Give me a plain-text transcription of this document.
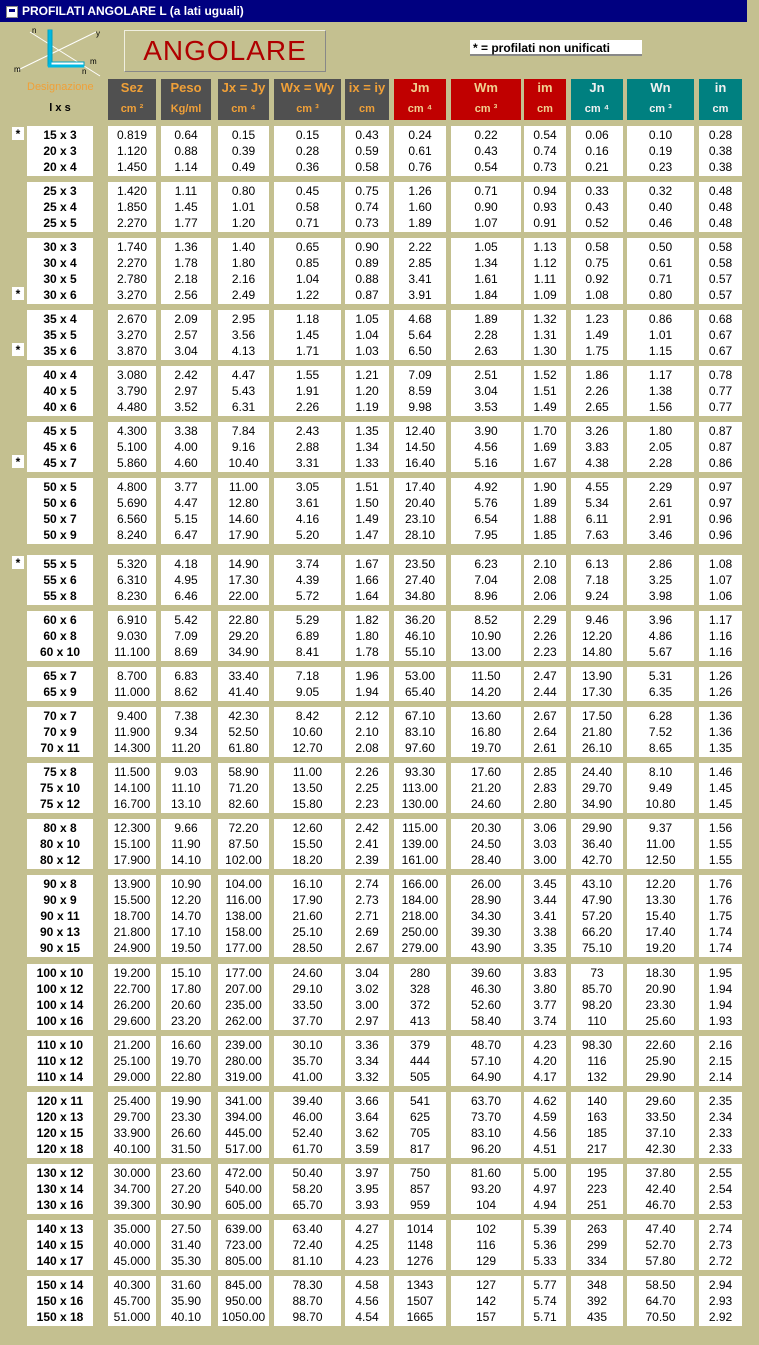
PROFILATI ANGOLARE L (a lati uguali)
n	y
m
m
n
ANGOLARE	* = profilati non unificati
Designazione
l x s
Sez
cm ²
Peso
Kg/ml
Jx = Jy
cm ⁴
Wx = Wy
cm ³
ix = iy
cm
Jm
cm ⁴
Wm
cm ³
im
cm
Jn
cm ⁴
Wn
cm ³
in
cm
15 x 3
20 x 3
20 x 4
0.819
1.120
1.450
0.64
0.88
1.14
0.15
0.39
0.49
0.15
0.28
0.36
0.43
0.59
0.58
0.24
0.61
0.76
0.22
0.43
0.54
0.54
0.74
0.73
0.06
0.16
0.21
0.10
0.19
0.23
0.28
0.38
0.38
*
25 x 3
25 x 4
25 x 5
1.420
1.850
2.270
1.11
1.45
1.77
0.80
1.01
1.20
0.45
0.58
0.71
0.75
0.74
0.73
1.26
1.60
1.89
0.71
0.90
1.07
0.94
0.93
0.91
0.33
0.43
0.52
0.32
0.40
0.46
0.48
0.48
0.48
30 x 3
30 x 4
30 x 5
30 x 6
1.740
2.270
2.780
3.270
1.36
1.78
2.18
2.56
1.40
1.80
2.16
2.49
0.65
0.85
1.04
1.22
0.90
0.89
0.88
0.87
2.22
2.85
3.41
3.91
1.05
1.34
1.61
1.84
1.13
1.12
1.11
1.09
0.58
0.75
0.92
1.08
0.50
0.61
0.71
0.80
0.58
0.58
0.57
0.57
*
35 x 4
35 x 5
35 x 6
2.670
3.270
3.870
2.09
2.57
3.04
2.95
3.56
4.13
1.18
1.45
1.71
1.05
1.04
1.03
4.68
5.64
6.50
1.89
2.28
2.63
1.32
1.31
1.30
1.23
1.49
1.75
0.86
1.01
1.15
0.68
0.67
0.67
*
40 x 4
40 x 5
40 x 6
3.080
3.790
4.480
2.42
2.97
3.52
4.47
5.43
6.31
1.55
1.91
2.26
1.21
1.20
1.19
7.09
8.59
9.98
2.51
3.04
3.53
1.52
1.51
1.49
1.86
2.26
2.65
1.17
1.38
1.56
0.78
0.77
0.77
45 x 5
45 x 6
45 x 7
4.300
5.100
5.860
3.38
4.00
4.60
7.84
9.16
10.40
2.43
2.88
3.31
1.35
1.34
1.33
12.40
14.50
16.40
3.90
4.56
5.16
1.70
1.69
1.67
3.26
3.83
4.38
1.80
2.05
2.28
0.87
0.87
0.86
*
50 x 5
50 x 6
50 x 7
50 x 9
4.800
5.690
6.560
8.240
3.77
4.47
5.15
6.47
11.00
12.80
14.60
17.90
3.05
3.61
4.16
5.20
1.51
1.50
1.49
1.47
17.40
20.40
23.10
28.10
4.92
5.76
6.54
7.95
1.90
1.89
1.88
1.85
4.55
5.34
6.11
7.63
2.29
2.61
2.91
3.46
0.97
0.97
0.96
0.96
55 x 5
55 x 6
55 x 8
5.320
6.310
8.230
4.18
4.95
6.46
14.90
17.30
22.00
3.74
4.39
5.72
1.67
1.66
1.64
23.50
27.40
34.80
6.23
7.04
8.96
2.10
2.08
2.06
6.13
7.18
9.24
2.86
3.25
3.98
1.08
1.07
1.06
*
60 x 6
60 x 8
60 x 10
6.910
9.030
11.100
5.42
7.09
8.69
22.80
29.20
34.90
5.29
6.89
8.41
1.82
1.80
1.78
36.20
46.10
55.10
8.52
10.90
13.00
2.29
2.26
2.23
9.46
12.20
14.80
3.96
4.86
5.67
1.17
1.16
1.16
65 x 7
65 x 9
8.700
11.000
6.83
8.62
33.40
41.40
7.18
9.05
1.96
1.94
53.00
65.40
11.50
14.20
2.47
2.44
13.90
17.30
5.31
6.35
1.26
1.26
70 x 7
70 x 9
70 x 11
9.400
11.900
14.300
7.38
9.34
11.20
42.30
52.50
61.80
8.42
10.60
12.70
2.12
2.10
2.08
67.10
83.10
97.60
13.60
16.80
19.70
2.67
2.64
2.61
17.50
21.80
26.10
6.28
7.52
8.65
1.36
1.36
1.35
75 x 8
75 x 10
75 x 12
11.500
14.100
16.700
9.03
11.10
13.10
58.90
71.20
82.60
11.00
13.50
15.80
2.26
2.25
2.23
93.30
113.00
130.00
17.60
21.20
24.60
2.85
2.83
2.80
24.40
29.70
34.90
8.10
9.49
10.80
1.46
1.45
1.45
80 x 8
80 x 10
80 x 12
12.300
15.100
17.900
9.66
11.90
14.10
72.20
87.50
102.00
12.60
15.50
18.20
2.42
2.41
2.39
115.00
139.00
161.00
20.30
24.50
28.40
3.06
3.03
3.00
29.90
36.40
42.70
9.37
11.00
12.50
1.56
1.55
1.55
90 x 8
90 x 9
90 x 11
90 x 13
90 x 15
13.900
15.500
18.700
21.800
24.900
10.90
12.20
14.70
17.10
19.50
104.00
116.00
138.00
158.00
177.00
16.10
17.90
21.60
25.10
28.50
2.74
2.73
2.71
2.69
2.67
166.00
184.00
218.00
250.00
279.00
26.00
28.90
34.30
39.30
43.90
3.45
3.44
3.41
3.38
3.35
43.10
47.90
57.20
66.20
75.10
12.20
13.30
15.40
17.40
19.20
1.76
1.76
1.75
1.74
1.74
100 x 10
100 x 12
100 x 14
100 x 16
19.200
22.700
26.200
29.600
15.10
17.80
20.60
23.20
177.00
207.00
235.00
262.00
24.60
29.10
33.50
37.70
3.04
3.02
3.00
2.97
280
328
372
413
39.60
46.30
52.60
58.40
3.83
3.80
3.77
3.74
73
85.70
98.20
110
18.30
20.90
23.30
25.60
1.95
1.94
1.94
1.93
110 x 10
110 x 12
110 x 14
21.200
25.100
29.000
16.60
19.70
22.80
239.00
280.00
319.00
30.10
35.70
41.00
3.36
3.34
3.32
379
444
505
48.70
57.10
64.90
4.23
4.20
4.17
98.30
116
132
22.60
25.90
29.90
2.16
2.15
2.14
120 x 11
120 x 13
120 x 15
120 x 18
25.400
29.700
33.900
40.100
19.90
23.30
26.60
31.50
341.00
394.00
445.00
517.00
39.40
46.00
52.40
61.70
3.66
3.64
3.62
3.59
541
625
705
817
63.70
73.70
83.10
96.20
4.62
4.59
4.56
4.51
140
163
185
217
29.60
33.50
37.10
42.30
2.35
2.34
2.33
2.33
130 x 12
130 x 14
130 x 16
30.000
34.700
39.300
23.60
27.20
30.90
472.00
540.00
605.00
50.40
58.20
65.70
3.97
3.95
3.93
750
857
959
81.60
93.20
104
5.00
4.97
4.94
195
223
251
37.80
42.40
46.70
2.55
2.54
2.53
140 x 13
140 x 15
140 x 17
35.000
40.000
45.000
27.50
31.40
35.30
639.00
723.00
805.00
63.40
72.40
81.10
4.27
4.25
4.23
1014
1148
1276
102
116
129
5.39
5.36
5.33
263
299
334
47.40
52.70
57.80
2.74
2.73
2.72
150 x 14
150 x 16
150 x 18
40.300
45.700
51.000
31.60
35.90
40.10
845.00
950.00
1050.00
78.30
88.70
98.70
4.58
4.56
4.54
1343
1507
1665
127
142
157
5.77
5.74
5.71
348
392
435
58.50
64.70
70.50
2.94
2.93
2.92
